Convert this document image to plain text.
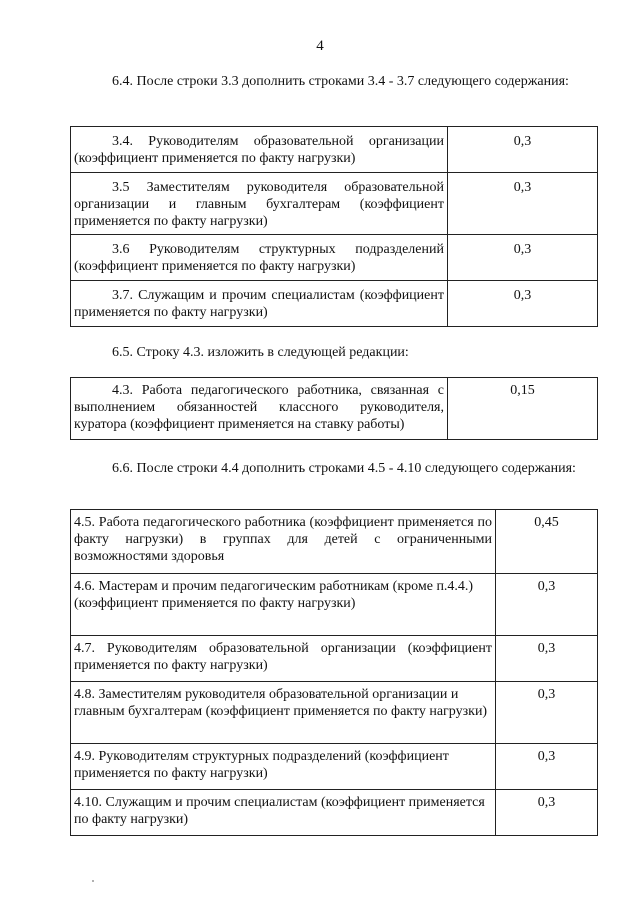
4
6.4. После строки 3.3 дополнить строками 3.4 - 3.7 следующего содержания:
3.4. Руководителям образовательной организации (коэффициент применяется по факту нагрузки)	0,3
3.5 Заместителям руководителя образовательной организации и главным бухгалтерам (коэффициент применяется по факту нагрузки)	0,3
3.6 Руководителям структурных подразделений (коэффициент применяется по факту нагрузки)	0,3
3.7. Служащим и прочим специалистам (коэффициент применяется по факту нагрузки)	0,3
6.5. Строку 4.3. изложить в следующей редакции:
4.3. Работа педагогического работника, связанная с выполнением обязанностей классного руководителя, куратора (коэффициент применяется на ставку работы)	0,15
6.6. После строки 4.4 дополнить строками 4.5 - 4.10 следующего содержания:
4.5. Работа педагогического работника (коэффициент применяется по факту нагрузки) в группах для детей с ограниченными возможностями здоровья	0,45

4.6. Мастерам и прочим педагогическим работникам (кроме п.4.4.)
(коэффициент применяется по факту нагрузки)	0,3
4.7. Руководителям образовательной организации (коэффициент применяется по факту нагрузки)	0,3
4.8. Заместителям руководителя образовательной организации и главным бухгалтерам (коэффициент применяется по факту нагрузки)	0,3
4.9. Руководителям структурных подразделений (коэффициент применяется по факту нагрузки)	0,3
4.10. Служащим и прочим специалистам (коэффициент применяется по факту нагрузки)	0,3
